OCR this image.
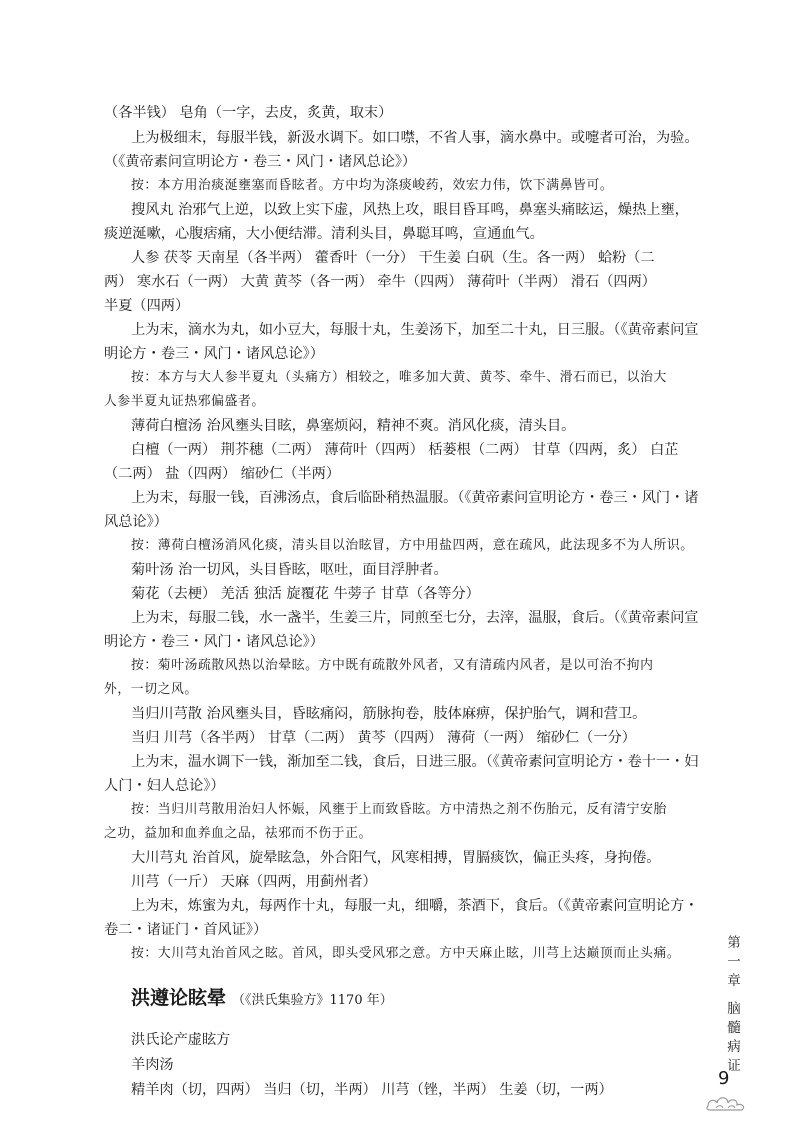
（各半钱） 皂角（一字，去皮，炙黄，取末）
上为极细末，每服半钱，新汲水调下。如口噤，不省人事，滴水鼻中。或嚏者可治，为验。
（《黄帝素问宣明论方・卷三・风门・诸风总论》）
按：本方用治痰涎壅塞而昏眩者。方中均为涤痰峻药，效宏力伟，饮下满鼻皆可。
搜风丸 治邪气上逆，以致上实下虚，风热上攻，眼目昏耳鸣，鼻塞头痛眩运，燥热上壅，
痰逆涎嗽，心腹痞痛，大小便结滞。清利头目，鼻聪耳鸣，宣通血气。
人参 茯苓 天南星（各半两） 藿香叶（一分） 干生姜 白矾（生。各一两） 蛤粉（二
两） 寒水石（一两） 大黄 黄芩（各一两） 牵牛（四两） 薄荷叶（半两） 滑石（四两）
半夏（四两）
上为末，滴水为丸，如小豆大，每服十丸，生姜汤下，加至二十丸，日三服。（《黄帝素问宣
明论方・卷三・风门・诸风总论》）
按：本方与大人参半夏丸（头痛方）相较之，唯多加大黄、黄芩、牵牛、滑石而已，以治大
人参半夏丸证热邪偏盛者。
薄荷白檀汤 治风壅头目眩，鼻塞烦闷，精神不爽。消风化痰，清头目。
白檀（一两） 荆芥穗（二两） 薄荷叶（四两） 栝蒌根（二两） 甘草（四两，炙） 白芷
（二两） 盐（四两） 缩砂仁（半两）
上为末，每服一钱，百沸汤点，食后临卧稍热温服。（《黄帝素问宣明论方・卷三・风门・诸
风总论》）
按：薄荷白檀汤消风化痰，清头目以治眩冒，方中用盐四两，意在疏风，此法现多不为人所识。
菊叶汤 治一切风，头目昏眩，呕吐，面目浮肿者。
菊花（去梗） 羌活 独活 旋覆花 牛蒡子 甘草（各等分）
上为末，每服二钱，水一盏半，生姜三片，同煎至七分，去滓，温服，食后。（《黄帝素问宣
明论方・卷三・风门・诸风总论》）
按：菊叶汤疏散风热以治晕眩。方中既有疏散外风者，又有清疏内风者，是以可治不拘内
外，一切之风。
当归川芎散 治风壅头目，昏眩痛闷，筋脉拘卷，肢体麻痹，保护胎气，调和营卫。
当归 川芎（各半两） 甘草（二两） 黄芩（四两） 薄荷（一两） 缩砂仁（一分）
上为末，温水调下一钱，渐加至二钱，食后，日进三服。（《黄帝素问宣明论方・卷十一・妇
人门・妇人总论》）
按：当归川芎散用治妇人怀娠，风壅于上而致昏眩。方中清热之剂不伤胎元，反有清宁安胎
之功，益加和血养血之品，祛邪而不伤于正。
大川芎丸 治首风，旋晕眩急，外合阳气，风寒相搏，胃膈痰饮，偏正头疼，身拘倦。
川芎（一斤） 天麻（四两，用蓟州者）
上为末，炼蜜为丸，每两作十丸，每服一丸，细嚼，茶酒下，食后。（《黄帝素问宣明论方・
卷二・诸证门・首风证》）
按：大川芎丸治首风之眩。首风，即头受风邪之意。方中天麻止眩，川芎上达巅顶而止头痛。
洪遵论眩晕 （《洪氏集验方》1170 年）
洪氏论产虚眩方
羊肉汤
精羊肉（切，四两） 当归（切，半两） 川芎（锉，半两） 生姜（切，一两）
第一章
脑髓病证
9
